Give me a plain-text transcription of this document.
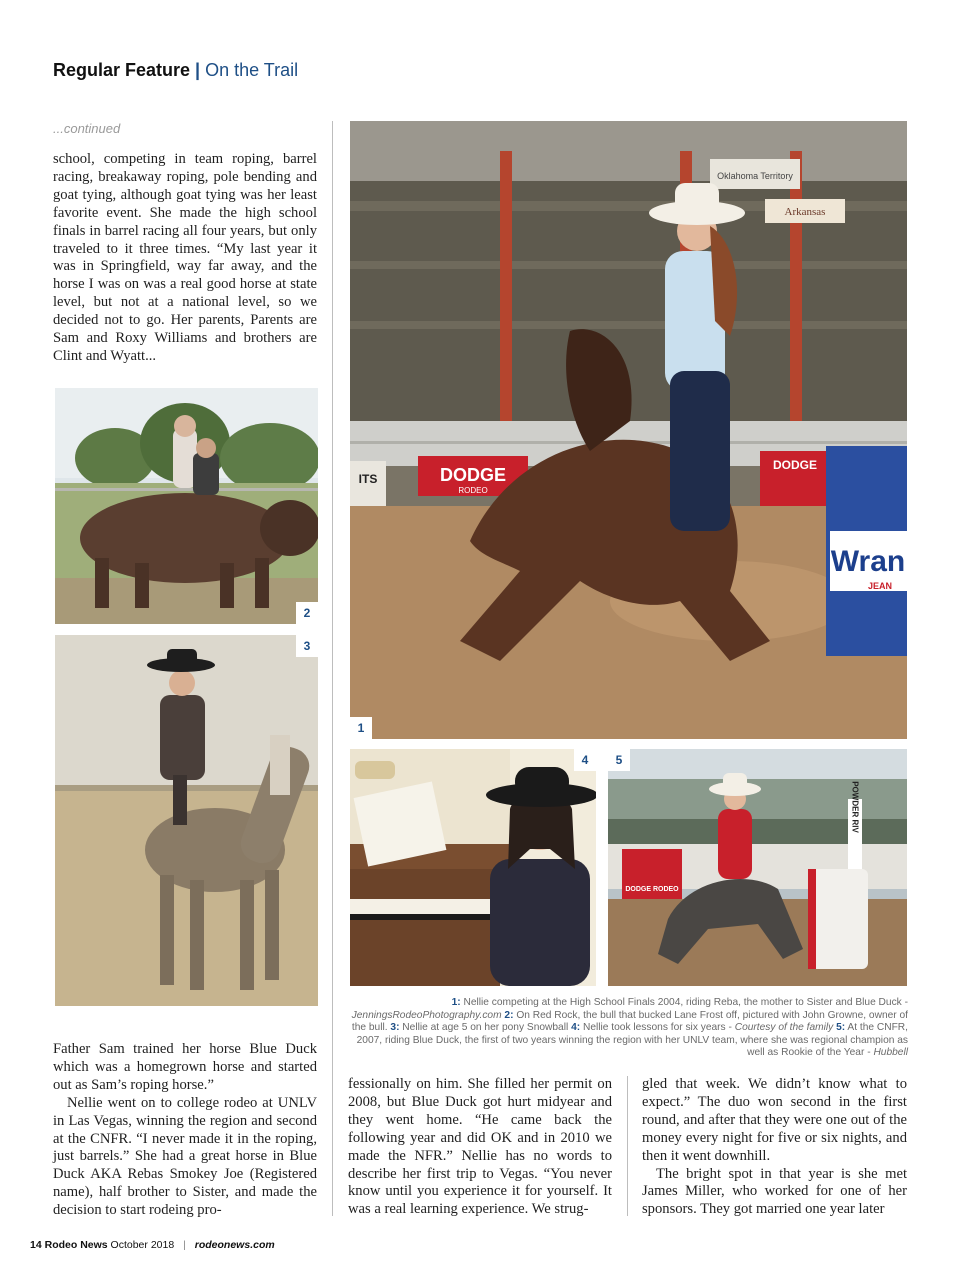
Regular Feature | On the Trail
...continued

school, competing in team roping, barrel racing, breakaway roping, pole bending and goat tying, although goat tying was her least favorite event. She made the high school finals in barrel racing all four years, but only traveled to it three times. “My last year it was in Springfield, way far away, and the horse I was on was a real good horse at state level, but not at a national level, so we decided not to go. Her parents, Parents are Sam and Roxy Williams and brothers are Clint and Wyatt...

2
3
Oklahoma Territory
Arkansas
DODGE
RODEO
DODGE
ITS
Wran
JEAN
1
4
DODGE RODEO
POWDER RIV
5
1: Nellie competing at the High School Finals 2004, riding Reba, the mother to Sister and Blue Duck - JenningsRodeoPhotography.com 2: On Red Rock, the bull that bucked Lane Frost off, pictured with John Growne, owner of the bull. 3: Nellie at age 5 on her pony Snowball 4: Nellie took lessons for six years - Courtesy of the family 5: At the CNFR, 2007, riding Blue Duck, the first of two years winning the region with her UNLV team, where she was regional champion as well as Rookie of the Year - Hubbell

Father Sam trained her horse Blue Duck which was a homegrown horse and started out as Sam’s roping horse.”

Nellie went on to college rodeo at UNLV in Las Vegas, winning the region and second at the CNFR. “I never made it in the roping, just barrels.” She had a great horse in Blue Duck AKA Rebas Smokey Joe (Registered name), half brother to Sister, and made the decision to start rodeing pro-

fessionally on him. She filled her permit on 2008, but Blue Duck got hurt midyear and they went home. “He came back the following year and did OK and in 2010 we made the NFR.” Nellie has no words to describe her first trip to Vegas. “You never know until you experience it for yourself. It was a real learning experience. We strug-

gled that week. We didn’t know what to expect.” The duo won second in the first round, and after that they were one out of the money every night for five or six nights, and then it went downhill.

The bright spot in that year is she met James Miller, who worked for one of her sponsors. They got married one year later

14 Rodeo News October 2018 | rodeonews.com
